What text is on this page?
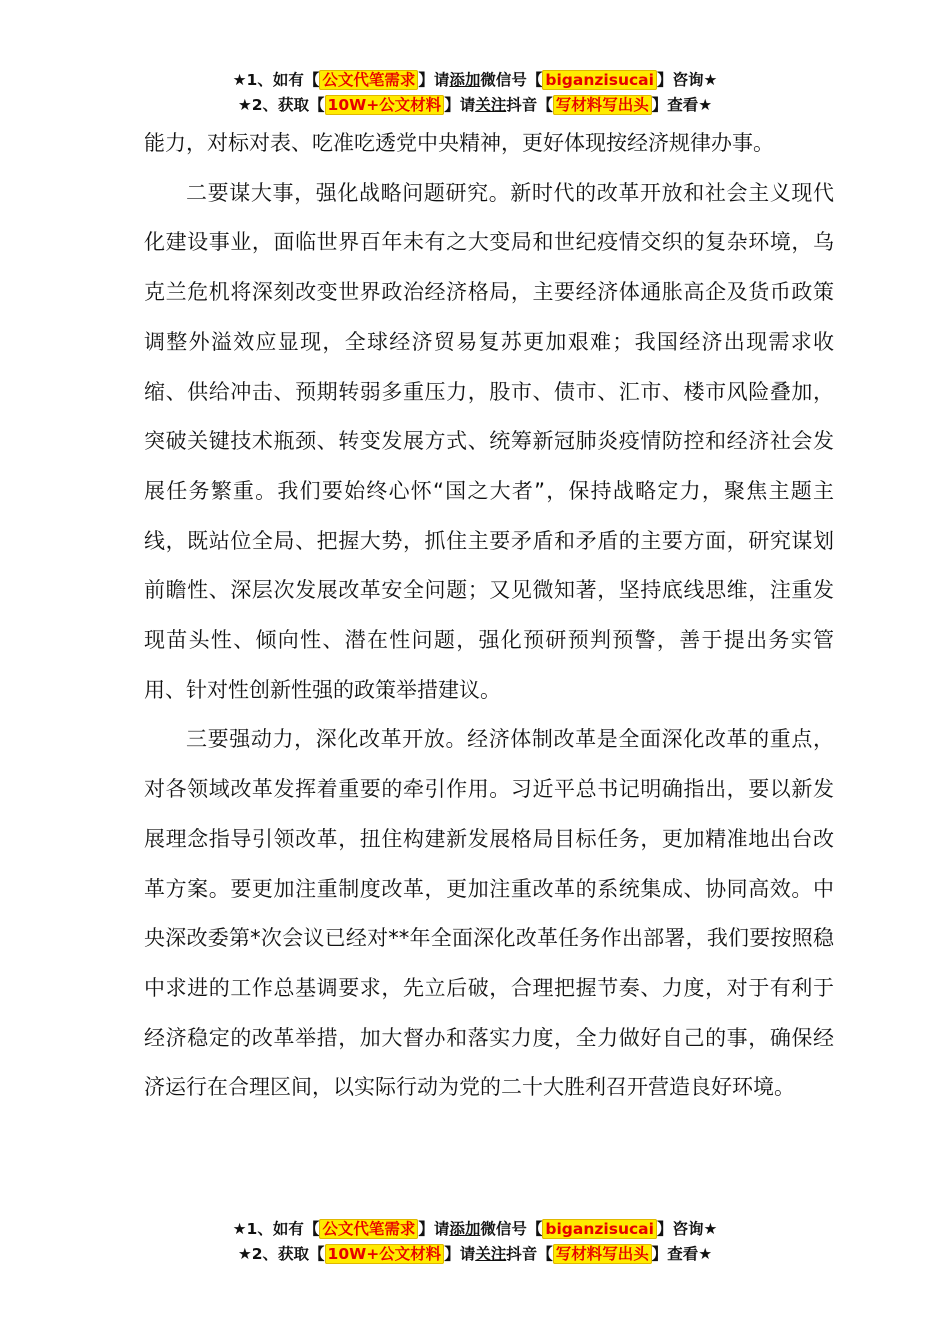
★1、如有【 公文代笔需求 】请添加微信号【 biganzisucai 】咨询★
★2、获取【 10W+公文材料 】请关注抖音【 写材料写出头 】查看★

能力，对标对表、吃准吃透党中央精神，更好体现按经济规律办事。

二要谋大事，强化战略问题研究。新时代的改革开放和社会主义现代化建设事业，面临世界百年未有之大变局和世纪疫情交织的复杂环境，乌克兰危机将深刻改变世界政治经济格局，主要经济体通胀高企及货币政策调整外溢效应显现，全球经济贸易复苏更加艰难；我国经济出现需求收缩、供给冲击、预期转弱多重压力，股市、债市、汇市、楼市风险叠加，突破关键技术瓶颈、转变发展方式、统筹新冠肺炎疫情防控和经济社会发展任务繁重。我们要始终心怀“国之大者”，保持战略定力，聚焦主题主线，既站位全局、把握大势，抓住主要矛盾和矛盾的主要方面，研究谋划前瞻性、深层次发展改革安全问题；又见微知著，坚持底线思维，注重发现苗头性、倾向性、潜在性问题，强化预研预判预警，善于提出务实管用、针对性创新性强的政策举措建议。

三要强动力，深化改革开放。经济体制改革是全面深化改革的重点，对各领域改革发挥着重要的牵引作用。习近平总书记明确指出，要以新发展理念指导引领改革，扭住构建新发展格局目标任务，更加精准地出台改革方案。要更加注重制度改革，更加注重改革的系统集成、协同高效。中央深改委第*次会议已经对**年全面深化改革任务作出部署，我们要按照稳中求进的工作总基调要求，先立后破，合理把握节奏、力度，对于有利于经济稳定的改革举措，加大督办和落实力度，全力做好自己的事，确保经济运行在合理区间，以实际行动为党的二十大胜利召开营造良好环境。

★1、如有【 公文代笔需求 】请添加微信号【 biganzisucai 】咨询★
★2、获取【 10W+公文材料 】请关注抖音【 写材料写出头 】查看★
